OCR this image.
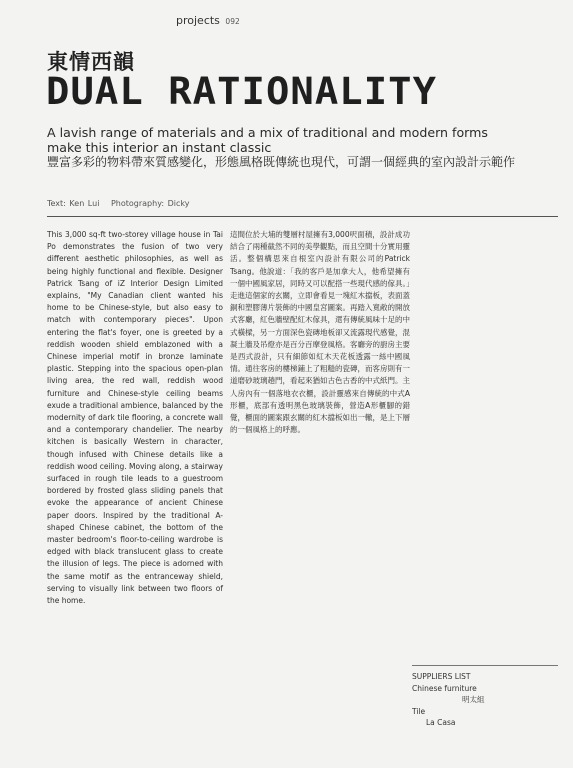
projects 092
東情西韻
DUAL RATIONALITY
A lavish range of materials and a mix of traditional and modern forms make this interior an instant classic
豐富多彩的物料帶來質感變化，形態風格既傳統也現代，可謂一個經典的室內設計示範作
Text: Ken Lui Photography: Dicky
This 3,000 sq-ft two-storey village house in Tai Po demonstrates the fusion of two very different aesthetic philosophies, as well as being highly functional and flexible. Designer Patrick Tsang of iZ Interior Design Limited explains, "My Canadian client wanted his home to be Chinese-style, but also easy to match with contemporary pieces". Upon entering the flat's foyer, one is greeted by a reddish wooden shield emblazoned with a Chinese imperial motif in bronze laminate plastic. Stepping into the spacious open-plan living area, the red wall, reddish wood furniture and Chinese-style ceiling beams exude a traditional ambience, balanced by the modernity of dark tile flooring, a concrete wall and a contemporary chandelier. The nearby kitchen is basically Western in character, though infused with Chinese details like a reddish wood ceiling. Moving along, a stairway surfaced in rough tile leads to a guestroom bordered by frosted glass sliding panels that evoke the appearance of ancient Chinese paper doors. Inspired by the traditional A-shaped Chinese cabinet, the bottom of the master bedroom's floor-to-ceiling wardrobe is edged with black translucent glass to create the illusion of legs. The piece is adorned with the same motif as the entranceway shield, serving to visually link between two floors of the home.
這間位於大埔的雙層村屋擁有3,000呎面積，設計成功結合了兩種截然不同的美學觀點，而且空間十分實用靈活。整個構思來自根室內設計有限公司的Patrick Tsang。他說道：「我的客戶是加拿大人，他希望擁有一個中國風家居，同時又可以配搭一些現代感的傢具。」走進這個家的玄關，立即會看見一塊紅木擋板，表面蓋銅和塑膠薄片裝飾的中國皇宮圖案。再踏入寬敞的開放式客廳，紅色牆壁配紅木傢具，還有傳統風味十足的中式橫樑，另一方面深色瓷磚地板卻又流露現代感覺，混凝土牆及吊燈亦是百分百摩登風格。客廳旁的廚房主要是西式設計，只有細節如紅木天花板透露一絲中國風情。通往客房的樓梯鋪上了粗糙的瓷磚，而客房則有一道磨砂玻璃趟門，看起來猶如古色古香的中式紙門。主人房內有一個落地衣衣櫃，設計靈感來自傳統的中式A形櫃，底部有透明黑色玻璃裝飾，營造A形櫃腳的錯覺，櫃面的圖案跟玄關的紅木擋板如出一轍，是上下層的一個風格上的呼應。
SUPPLIERS LIST
Chinese furniture
明太組
Tile
La Casa
